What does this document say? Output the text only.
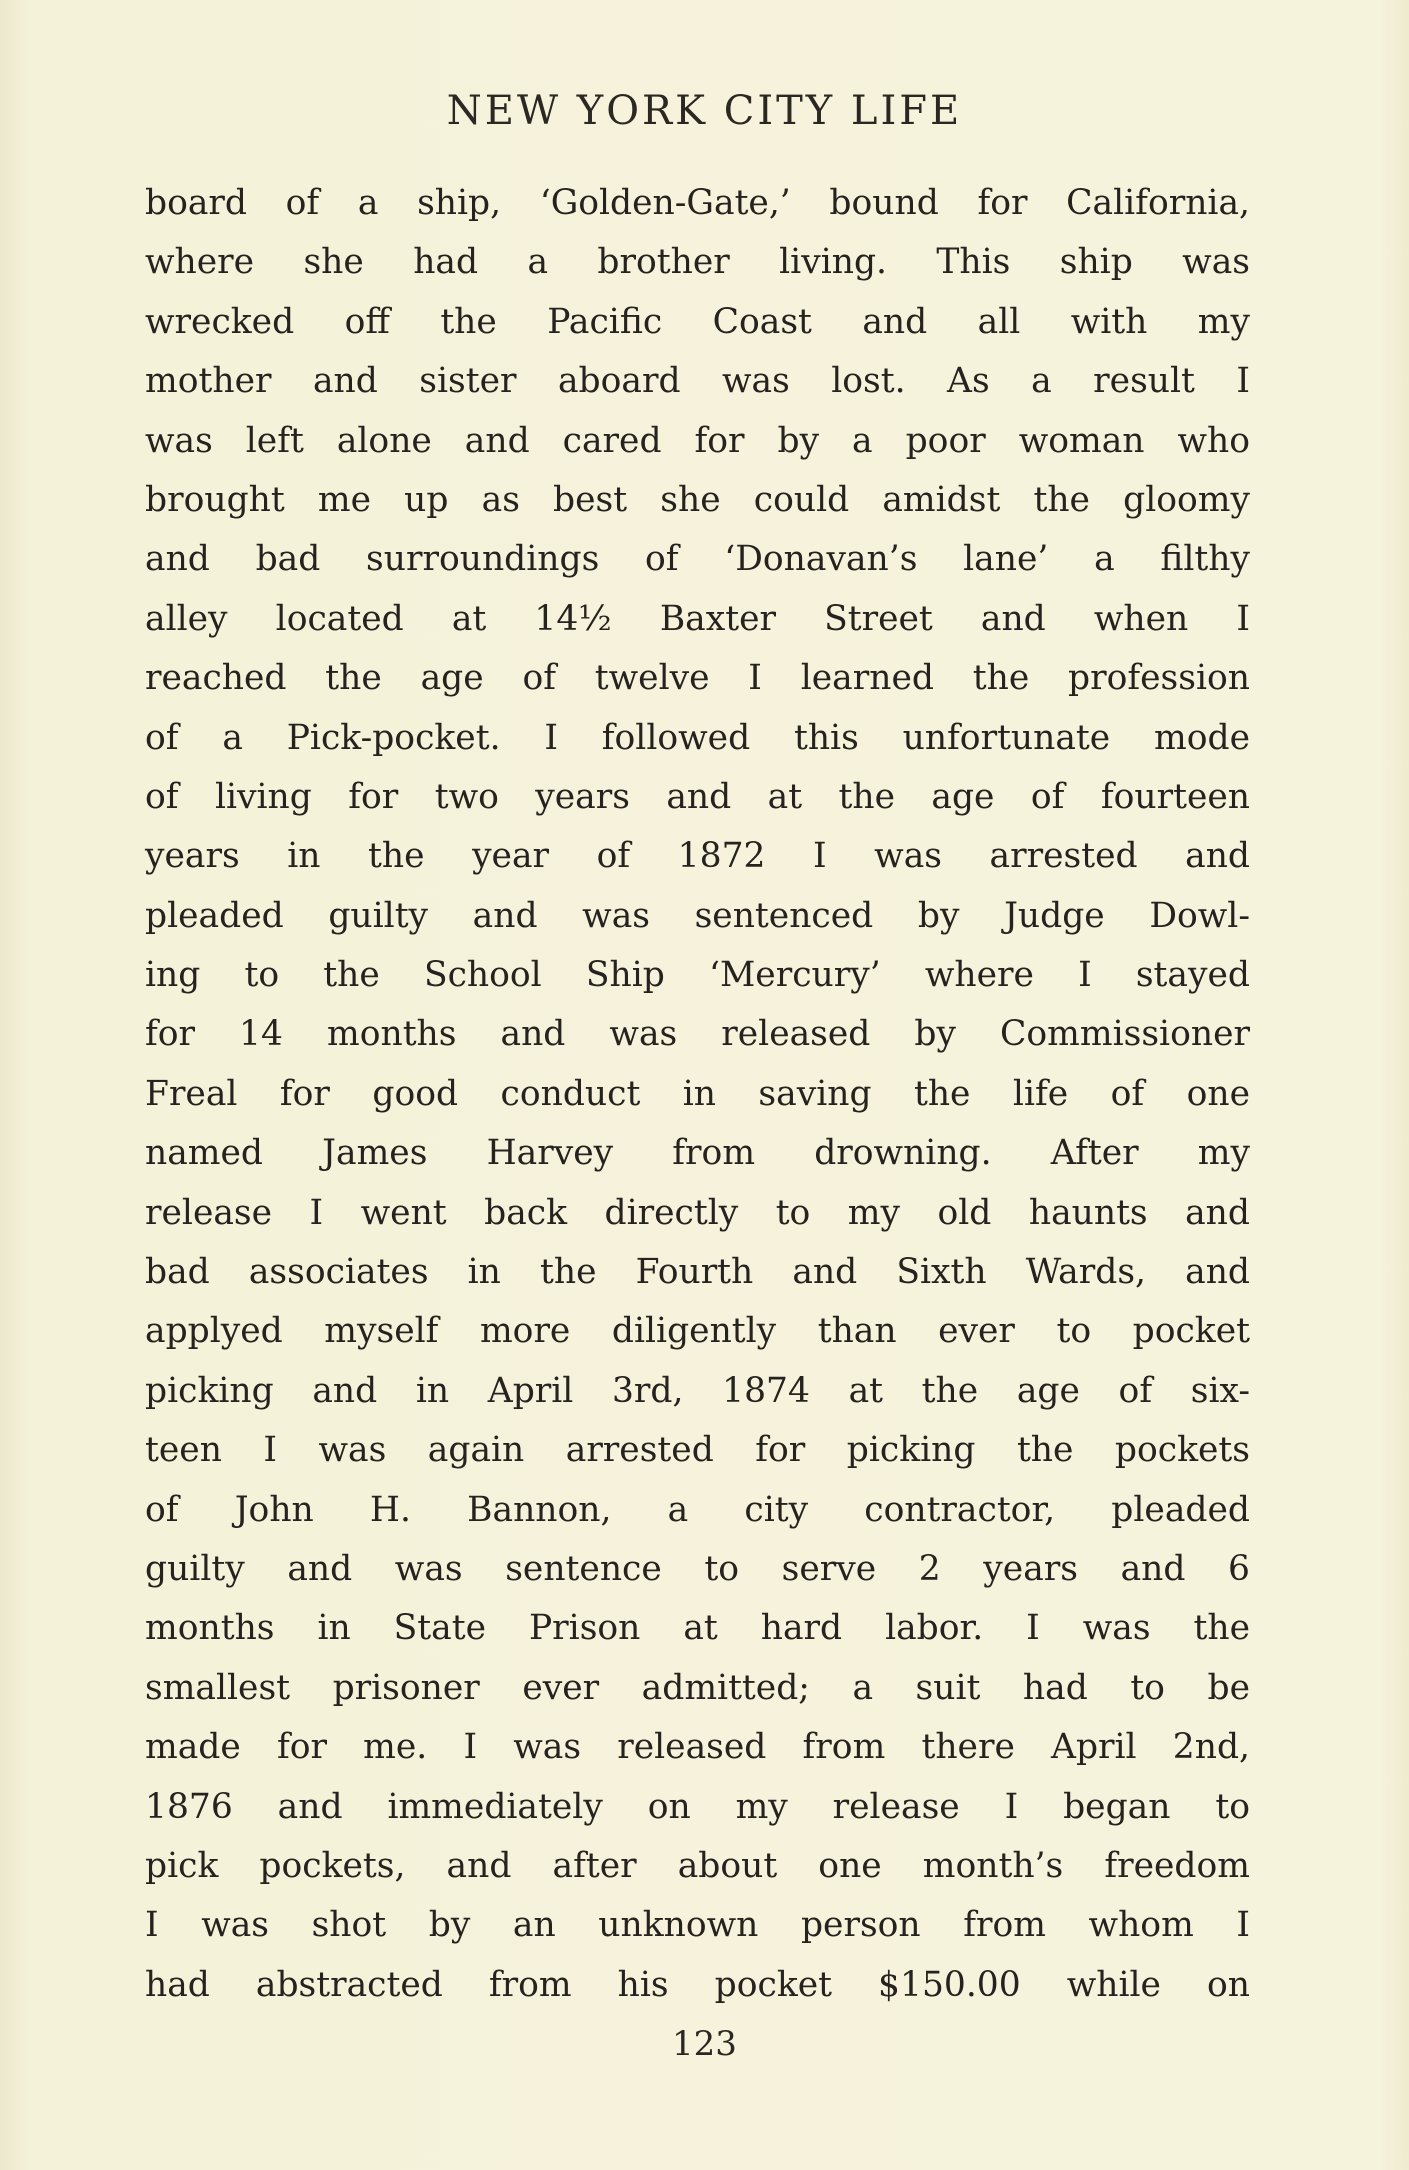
NEW YORK CITY LIFE
board of a ship, ‘Golden-Gate,’ bound for California,
where she had a brother living. This ship was
wrecked off the Pacific Coast and all with my
mother and sister aboard was lost. As a result I
was left alone and cared for by a poor woman who
brought me up as best she could amidst the gloomy
and bad surroundings of ‘Donavan’s lane’ a filthy
alley located at 14½ Baxter Street and when I
reached the age of twelve I learned the profession
of a Pick-pocket. I followed this unfortunate mode
of living for two years and at the age of fourteen
years in the year of 1872 I was arrested and
pleaded guilty and was sentenced by Judge Dowl-
ing to the School Ship ‘Mercury’ where I stayed
for 14 months and was released by Commissioner
Freal for good conduct in saving the life of one
named James Harvey from drowning. After my
release I went back directly to my old haunts and
bad associates in the Fourth and Sixth Wards, and
applyed myself more diligently than ever to pocket
picking and in April 3rd, 1874 at the age of six-
teen I was again arrested for picking the pockets
of John H. Bannon, a city contractor, pleaded
guilty and was sentence to serve 2 years and 6
months in State Prison at hard labor. I was the
smallest prisoner ever admitted; a suit had to be
made for me. I was released from there April 2nd,
1876 and immediately on my release I began to
pick pockets, and after about one month’s freedom
I was shot by an unknown person from whom I
had abstracted from his pocket $150.00 while on
123
